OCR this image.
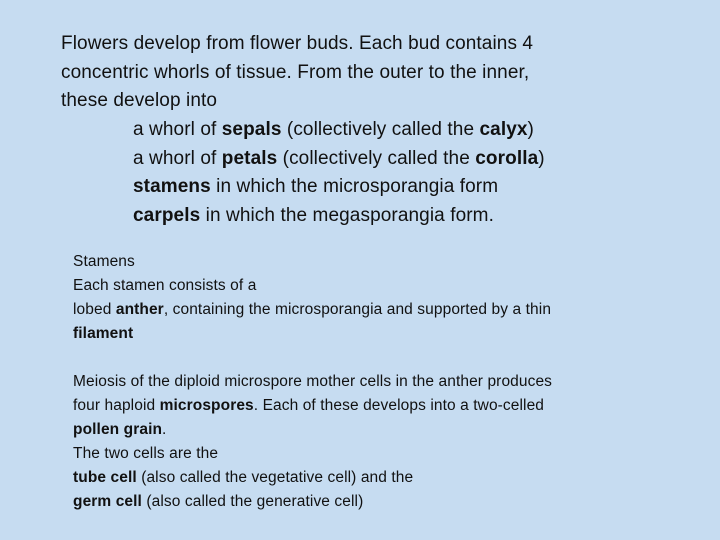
Flowers develop from flower buds. Each bud contains 4
concentric whorls of tissue. From the outer to the inner,
these develop into
a whorl of sepals (collectively called the calyx)
a whorl of petals (collectively called the corolla)
stamens in which the microsporangia form
carpels in which the megasporangia form.
Stamens
Each stamen consists of a
lobed anther, containing the microsporangia and supported by a thin
filament
Meiosis of the diploid microspore mother cells in the anther produces
four haploid microspores. Each of these develops into a two-celled
pollen grain.
The two cells are the
tube cell (also called the vegetative cell) and the
germ cell (also called the generative cell)
